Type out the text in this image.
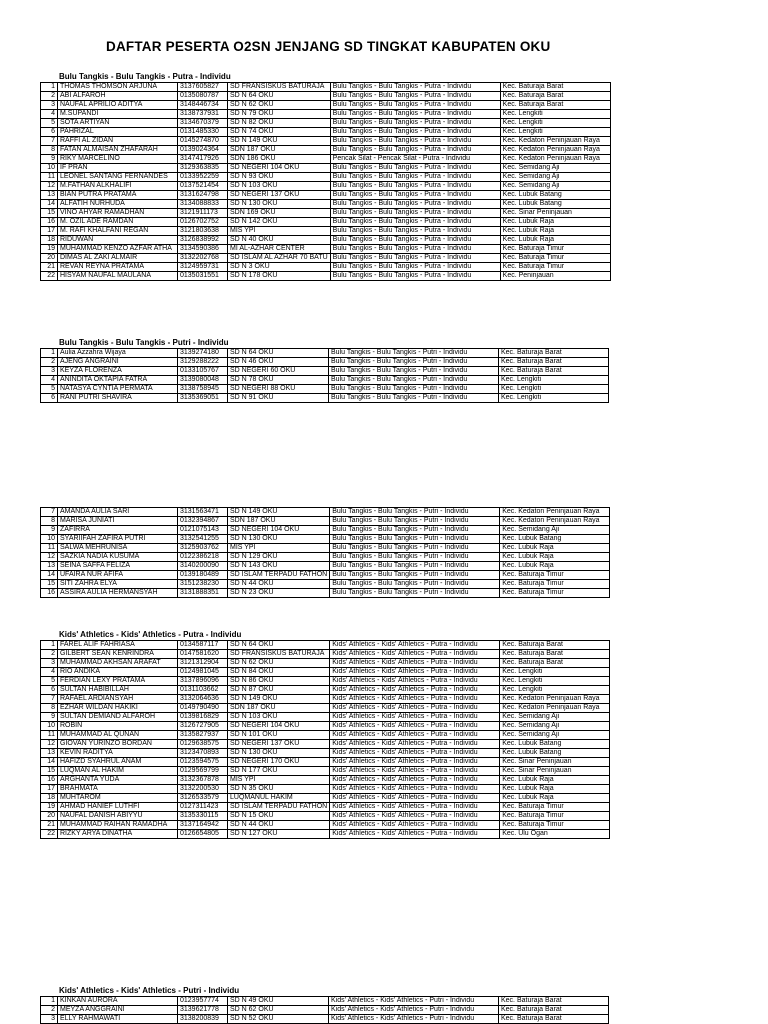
DAFTAR PESERTA O2SN JENJANG SD TINGKAT KABUPATEN OKU
Bulu Tangkis - Bulu Tangkis - Putra - Individu
1	THOMAS THOMSON ARJUNA	3137605827	SD FRANSISKUS BATURAJA	Bulu Tangkis - Bulu Tangkis - Putra - Individu	Kec. Baturaja Barat
2	ABI ALFAROH	0135080787	SD N 64 OKU	Bulu Tangkis - Bulu Tangkis - Putra - Individu	Kec. Baturaja Barat
3	NAUFAL APRILIO ADITYA	3148446734	SD N 62 OKU	Bulu Tangkis - Bulu Tangkis - Putra - Individu	Kec. Baturaja Barat
4	M.SUPANDI	3138737931	SD N 79 OKU	Bulu Tangkis - Bulu Tangkis - Putra - Individu	Kec. Lengkiti
5	SOTA ARTIYAN	3134670379	SD N 82 OKU	Bulu Tangkis - Bulu Tangkis - Putra - Individu	Kec. Lengkiti
6	PAHRIZAL	0131485330	SD N 74 OKU	Bulu Tangkis - Bulu Tangkis - Putra - Individu	Kec. Lengkiti
7	RAFFI AL ZIDAN	0145274870	SD N 149 OKU	Bulu Tangkis - Bulu Tangkis - Putra - Individu	Kec. Kedaton Peninjauan Raya
8	FATAN ALMAISAN ZHAFARAH	0139024364	SDN 187 OKU	Bulu Tangkis - Bulu Tangkis - Putra - Individu	Kec. Kedaton Peninjauan Raya
9	RIKY MARCELINO	3147417926	SDN 186 OKU	Pencak Silat - Pencak Silat - Putra - Individu	Kec. Kedaton Peninjauan Raya
10	IF PRAN	3129363835	SD NEGERI 104 OKU	Bulu Tangkis - Bulu Tangkis - Putra - Individu	Kec. Semidang Aji
11	LEONEL SANTANG FERNANDES	0133952259	SD N 93 OKU	Bulu Tangkis - Bulu Tangkis - Putra - Individu	Kec. Semidang Aji
12	M.FATHAN ALKHALIFI	0137521454	SD N 103 OKU	Bulu Tangkis - Bulu Tangkis - Putra - Individu	Kec. Semidang Aji
13	BIAN PUTRA PRATAMA	3131624798	SD NEGERI 137 OKU	Bulu Tangkis - Bulu Tangkis - Putra - Individu	Kec. Lubuk Batang
14	ALFATIH NURHUDA	3134088833	SD N 130 OKU	Bulu Tangkis - Bulu Tangkis - Putra - Individu	Kec. Lubuk Batang
15	VINO AHYAR RAMADHAN	3121911173	SDN 169 OKU	Bulu Tangkis - Bulu Tangkis - Putra - Individu	Kec. Sinar Peninjauan
16	M. OZIL ADE RAMDAN	0126702752	SD N 142 OKU	Bulu Tangkis - Bulu Tangkis - Putra - Individu	Kec. Lubuk Raja
17	M. RAFI KHALFANI REGAN	3121803638	MIS YPI	Bulu Tangkis - Bulu Tangkis - Putra - Individu	Kec. Lubuk Raja
18	RIDUWAN	3126838992	SD N 40 OKU	Bulu Tangkis - Bulu Tangkis - Putra - Individu	Kec. Lubuk Raja
19	MUHAMMAD KENZO AZFAR ATHA	3134590386	MI AL-AZHAR CENTER	Bulu Tangkis - Bulu Tangkis - Putra - Individu	Kec. Baturaja Timur
20	DIMAS AL ZAKI ALMAIR	3132202768	SD ISLAM AL AZHAR 70 BATU	Bulu Tangkis - Bulu Tangkis - Putra - Individu	Kec. Baturaja Timur
21	REVAN REYNA PRATAMA	3124959731	SD N 3 OKU	Bulu Tangkis - Bulu Tangkis - Putra - Individu	Kec. Baturaja Timur
22	HISYAM NAUFAL MAULANA	0135031551	SD N 178 OKU	Bulu Tangkis - Bulu Tangkis - Putra - Individu	Kec. Peninjauan
Bulu Tangkis - Bulu Tangkis - Putri - Individu
1	Aulia Azzahra Wijaya	3139274180	SD N 64 OKU	Bulu Tangkis - Bulu Tangkis - Putri - Individu	Kec. Baturaja Barat
2	AJENG ANGRAINI	3129288222	SD N 46 OKU	Bulu Tangkis - Bulu Tangkis - Putri - Individu	Kec. Baturaja Barat
3	KEYZA FLORENZA	0133105767	SD NEGERI 60 OKU	Bulu Tangkis - Bulu Tangkis - Putri - Individu	Kec. Baturaja Barat
4	ANINDITA OKTAPIA FATRA	3139080048	SD N 78 OKU	Bulu Tangkis - Bulu Tangkis - Putri - Individu	Kec. Lengkiti
5	NATASYA CYNTIA PERMATA	3138758945	SD NEGERI 88 OKU	Bulu Tangkis - Bulu Tangkis - Putri - Individu	Kec. Lengkiti
6	RANI PUTRI SHAVIRA	3135369051	SD N 91 OKU	Bulu Tangkis - Bulu Tangkis - Putri - Individu	Kec. Lengkiti
7	AMANDA AULIA SARI	3131563471	SD N 149 OKU	Bulu Tangkis - Bulu Tangkis - Putri - Individu	Kec. Kedaton Peninjauan Raya
8	MARISA JUNIATI	0132394867	SDN 187 OKU	Bulu Tangkis - Bulu Tangkis - Putri - Individu	Kec. Kedaton Peninjauan Raya
9	ZAFIRRA	0121075143	SD NEGERI 104 OKU	Bulu Tangkis - Bulu Tangkis - Putri - Individu	Kec. Semidang Aji
10	SYARIIFAH ZAFIRA PUTRI	3132541255	SD N 130 OKU	Bulu Tangkis - Bulu Tangkis - Putri - Individu	Kec. Lubuk Batang
11	SALWA MEHRUNISA	3125903762	MIS YPI	Bulu Tangkis - Bulu Tangkis - Putri - Individu	Kec. Lubuk Raja
12	SAZKIA NADIA KUSUMA	0122386218	SD N 129 OKU	Bulu Tangkis - Bulu Tangkis - Putri - Individu	Kec. Lubuk Raja
13	SEINA SAFFA FELIZA	3140200090	SD N 143 OKU	Bulu Tangkis - Bulu Tangkis - Putri - Individu	Kec. Lubuk Raja
14	UFAIRA NUR AFIFA	0139180489	SD ISLAM TERPADU FATHON	Bulu Tangkis - Bulu Tangkis - Putri - Individu	Kec. Baturaja Timur
15	SITI ZAHRA ELYA	3151238230	SD N 44 OKU	Bulu Tangkis - Bulu Tangkis - Putri - Individu	Kec. Baturaja Timur
16	ASSIRA AULIA HERMANSYAH	3131888351	SD N 23 OKU	Bulu Tangkis - Bulu Tangkis - Putri - Individu	Kec. Baturaja Timur
Kids' Athletics - Kids' Athletics - Putra - Individu
1	FAREL ALIF FAHRIASA	0134587117	SD N 64 OKU	Kids' Athletics - Kids' Athletics - Putra - Individu	Kec. Baturaja Barat
2	GILBERT SEAN KENRINDRA	0147581620	SD FRANSISKUS BATURAJA	Kids' Athletics - Kids' Athletics - Putra - Individu	Kec. Baturaja Barat
3	MUHAMMAD AKHSAN ARAFAT	3121312904	SD N 62 OKU	Kids' Athletics - Kids' Athletics - Putra - Individu	Kec. Baturaja Barat
4	RIO ANDIKA	0124981045	SD N 84 OKU	Kids' Athletics - Kids' Athletics - Putra - Individu	Kec. Lengkiti
5	FERDIAN LEXY PRATAMA	3137896096	SD N 86 OKU	Kids' Athletics - Kids' Athletics - Putra - Individu	Kec. Lengkiti
6	SULTAN HABIBILLAH	0131103662	SD N 87 OKU	Kids' Athletics - Kids' Athletics - Putra - Individu	Kec. Lengkiti
7	RAFAEL ARDIANSYAH	3132064636	SD N 149 OKU	Kids' Athletics - Kids' Athletics - Putra - Individu	Kec. Kedaton Peninjauan Raya
8	EZHAR WILDAN HAKIKI	0149790490	SDN 187 OKU	Kids' Athletics - Kids' Athletics - Putra - Individu	Kec. Kedaton Peninjauan Raya
9	SULTAN DEMIAND ALFAROH	0139816829	SD N 103 OKU	Kids' Athletics - Kids' Athletics - Putra - Individu	Kec. Semidang Aji
10	ROBIN	3126727905	SD NEGERI 104 OKU	Kids' Athletics - Kids' Athletics - Putra - Individu	Kec. Semidang Aji
11	MUHAMMAD AL QUNAN	3135827937	SD N 101 OKU	Kids' Athletics - Kids' Athletics - Putra - Individu	Kec. Semidang Aji
12	GIOVAN YURINZO BORDAN	0129638575	SD NEGERI 137 OKU	Kids' Athletics - Kids' Athletics - Putra - Individu	Kec. Lubuk Batang
13	KEVIN RADITYA	3123470893	SD N 130 OKU	Kids' Athletics - Kids' Athletics - Putra - Individu	Kec. Lubuk Batang
14	HAFIZD SYAHRUL ANAM	0123594575	SD NEGERI 170 OKU	Kids' Athletics - Kids' Athletics - Putra - Individu	Kec. Sinar Peninjauan
15	LUQMAN AL HAKIM	0129569799	SD N 177 OKU	Kids' Athletics - Kids' Athletics - Putra - Individu	Kec. Sinar Peninjauan
16	ARGHANTA YUDA	3132367878	MIS YPI	Kids' Athletics - Kids' Athletics - Putra - Individu	Kec. Lubuk Raja
17	BRAHMATA	3132200530	SD N 35 OKU	Kids' Athletics - Kids' Athletics - Putra - Individu	Kec. Lubuk Raja
18	MUHTAROM	3126533579	LUQMANUL HAKIM	Kids' Athletics - Kids' Athletics - Putra - Individu	Kec. Lubuk Raja
19	AHMAD HANIEF LUTHFI	0127311423	SD ISLAM TERPADU FATHON	Kids' Athletics - Kids' Athletics - Putra - Individu	Kec. Baturaja Timur
20	NAUFAL DANISH ABIYYU	3135330115	SD N 15 OKU	Kids' Athletics - Kids' Athletics - Putra - Individu	Kec. Baturaja Timur
21	MUHAMMAD RAIHAN RAMADHA	3137164942	SD N 44 OKU	Kids' Athletics - Kids' Athletics - Putra - Individu	Kec. Baturaja Timur
22	RIZKY ARYA DINATHA	0126654805	SD N 127 OKU	Kids' Athletics - Kids' Athletics - Putra - Individu	Kec. Ulu Ogan
Kids' Athletics - Kids' Athletics - Putri - Individu
1	KINKAN AURORA	0123957774	SD N 49 OKU	Kids' Athletics - Kids' Athletics - Putri - Individu	Kec. Baturaja Barat
2	MEYZA ANGGRAINI	3139621778	SD N 62 OKU	Kids' Athletics - Kids' Athletics - Putri - Individu	Kec. Baturaja Barat
3	ELLY RAHMAWATI	3138200839	SD N 52 OKU	Kids' Athletics - Kids' Athletics - Putri - Individu	Kec. Baturaja Barat
